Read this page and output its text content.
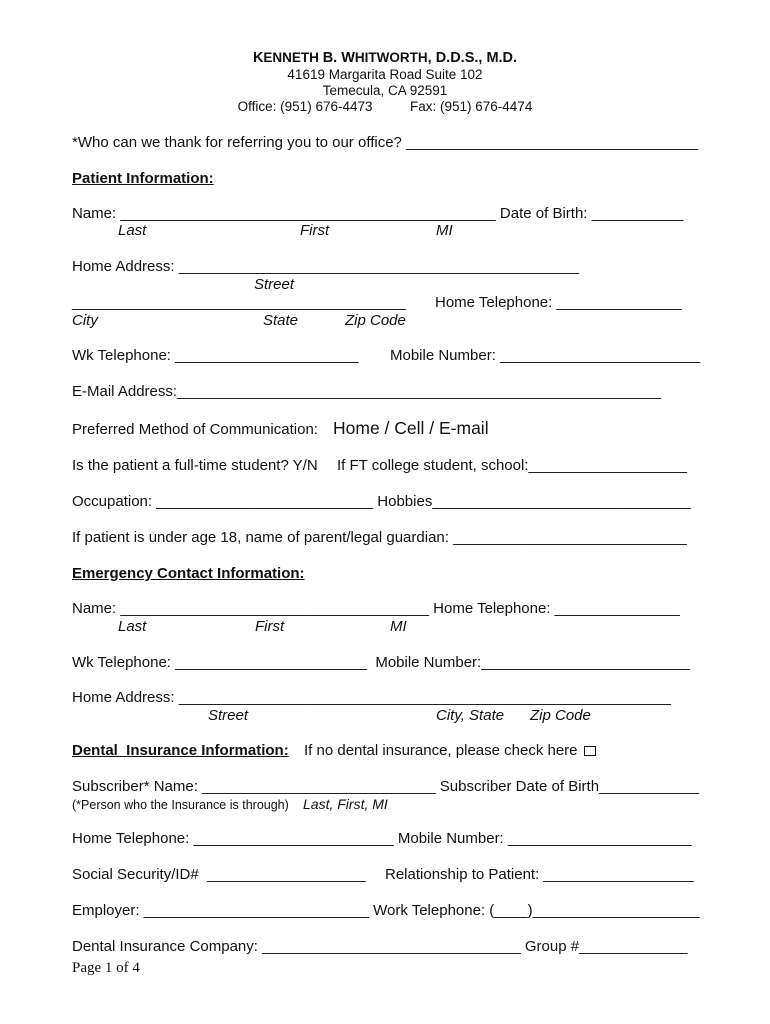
KENNETH B. WHITWORTH, D.D.S., M.D.
41619 Margarita Road Suite 102
Temecula, CA 92591
Office: (951) 676-4473          Fax: (951) 676-4474
*Who can we thank for referring you to our office? ___________________________________
Patient Information:
Name: _____________________________________________ Date of Birth: ___________
Last	First	MI
Home Address: ________________________________________________
Street
________________________________________ Home Telephone: _______________
City	State	Zip Code
Wk Telephone: ______________________ Mobile Number: ________________________
E-Mail Address:__________________________________________________________
Preferred Method of Communication: Home / Cell / E-mail
Is the patient a full-time student? Y/N If FT college student, school:___________________
Occupation: __________________________ Hobbies_______________________________
If patient is under age 18, name of parent/legal guardian: ____________________________
Emergency Contact Information:
Name: _____________________________________ Home Telephone: _______________
Last	First	MI
Wk Telephone: _______________________  Mobile Number:_________________________
Home Address: ___________________________________________________________
Street	City, State Zip Code
Dental  Insurance Information: If no dental insurance, please check here
Subscriber* Name: ____________________________ Subscriber Date of Birth____________
(*Person who the Insurance is through) Last, First, MI
Home Telephone: ________________________ Mobile Number: ______________________
Social Security/ID#  ___________________ Relationship to Patient: __________________
Employer: ___________________________ Work Telephone: (____)____________________
Dental Insurance Company: _______________________________ Group #_____________
Page 1 of 4
